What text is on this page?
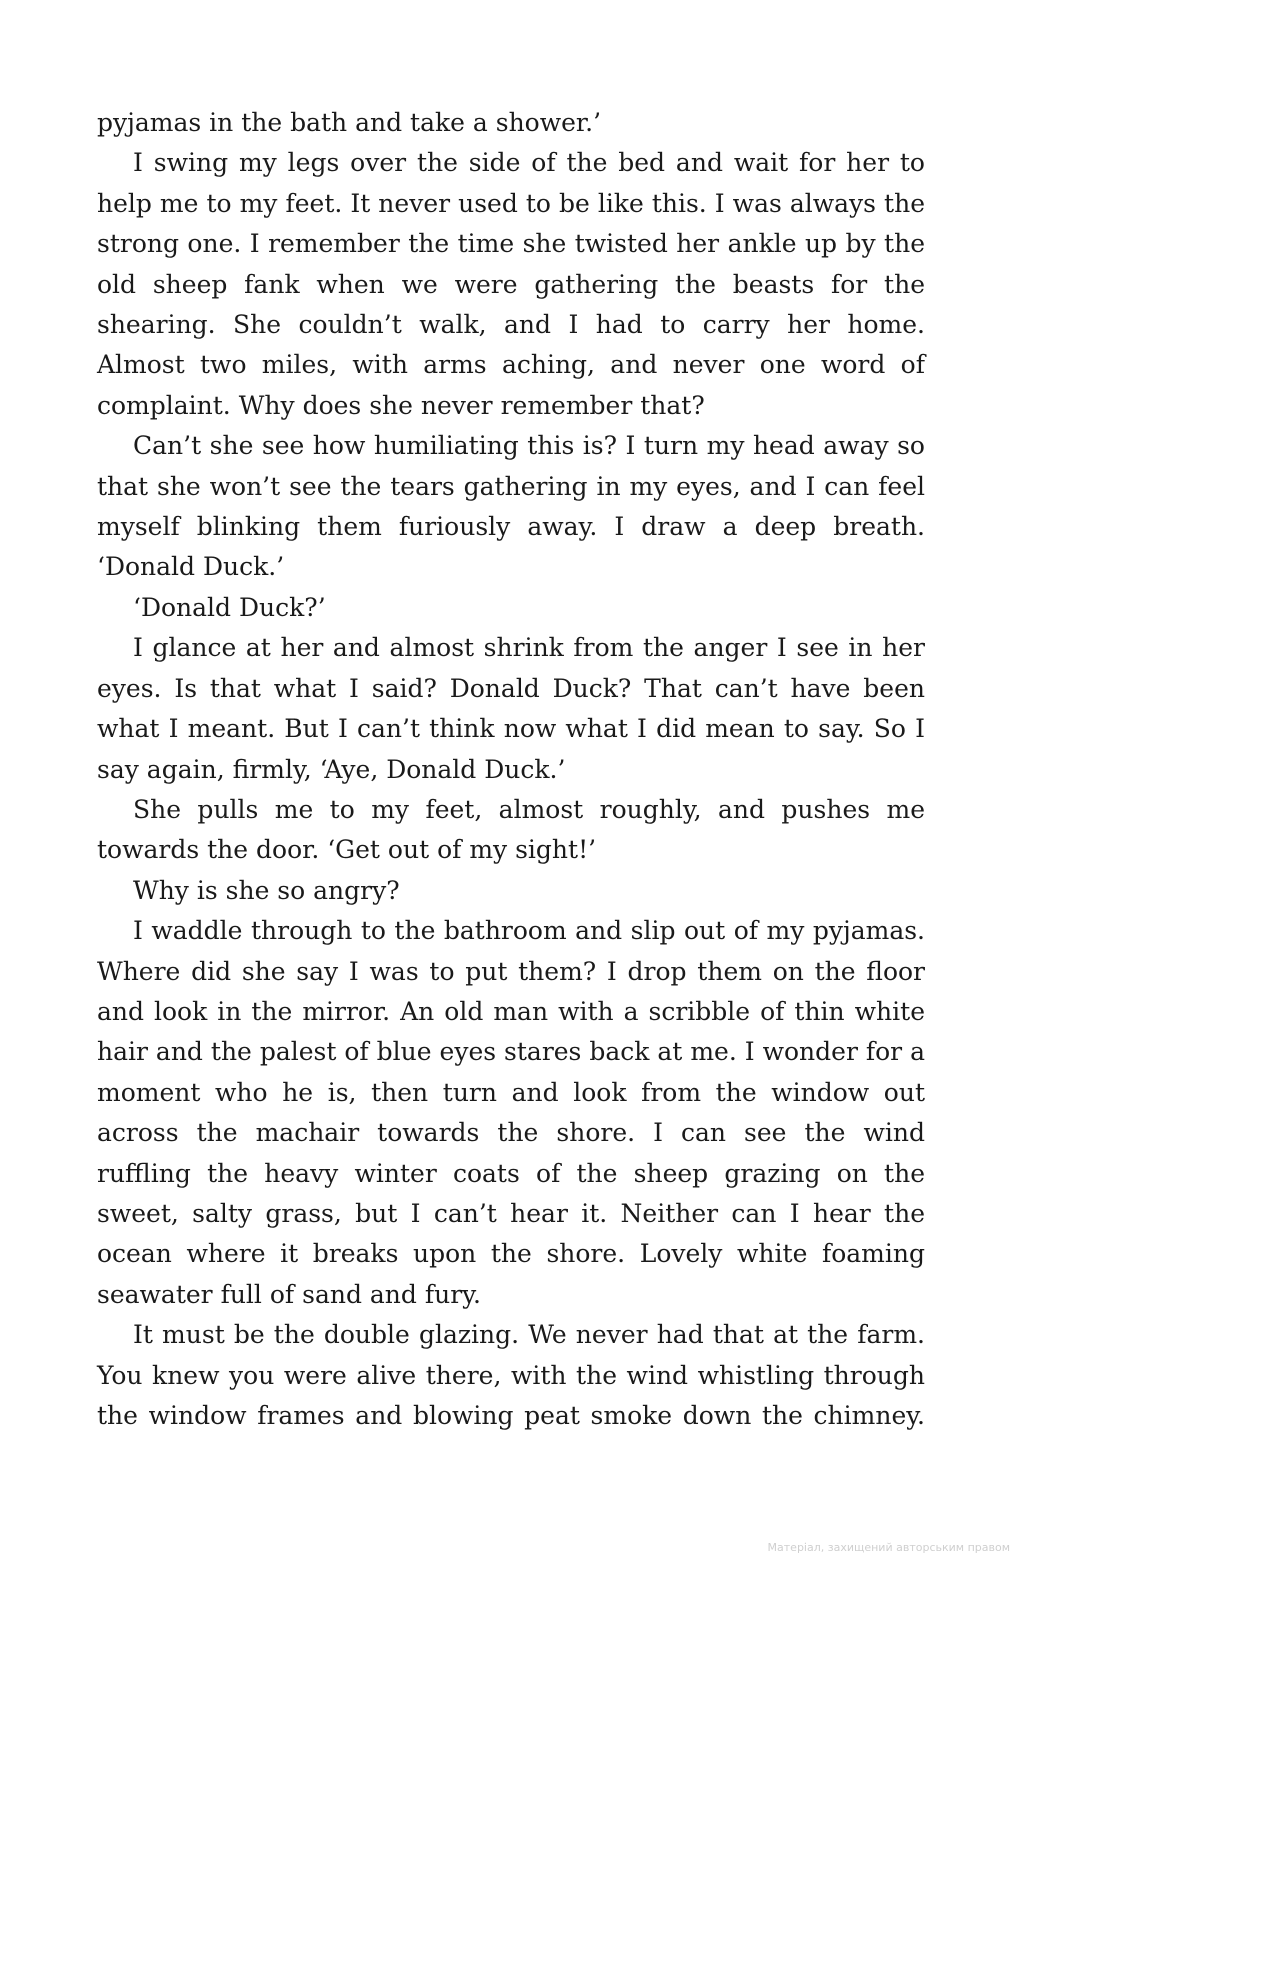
pyjamas in the bath and take a shower.’

I swing my legs over the side of the bed and wait for her to help me to my feet. It never used to be like this. I was always the strong one. I remember the time she twisted her ankle up by the old sheep fank when we were gathering the beasts for the shearing. She couldn’t walk, and I had to carry her home. Almost two miles, with arms aching, and never one word of complaint. Why does she never remember that?

Can’t she see how humiliating this is? I turn my head away so that she won’t see the tears gathering in my eyes, and I can feel myself blinking them furiously away. I draw a deep breath. ‘Donald Duck.’

‘Donald Duck?’

I glance at her and almost shrink from the anger I see in her eyes. Is that what I said? Donald Duck? That can’t have been what I meant. But I can’t think now what I did mean to say. So I say again, firmly, ‘Aye, Donald Duck.’

She pulls me to my feet, almost roughly, and pushes me towards the door. ‘Get out of my sight!’

Why is she so angry?

I waddle through to the bathroom and slip out of my pyjamas. Where did she say I was to put them? I drop them on the floor and look in the mirror. An old man with a scribble of thin white hair and the palest of blue eyes stares back at me. I wonder for a moment who he is, then turn and look from the window out across the machair towards the shore. I can see the wind ruffling the heavy winter coats of the sheep grazing on the sweet, salty grass, but I can’t hear it. Neither can I hear the ocean where it breaks upon the shore. Lovely white foaming seawater full of sand and fury.

It must be the double glazing. We never had that at the farm. You knew you were alive there, with the wind whistling through the window frames and blowing peat smoke down the chimney.

Матеріал, захищений авторським правом
